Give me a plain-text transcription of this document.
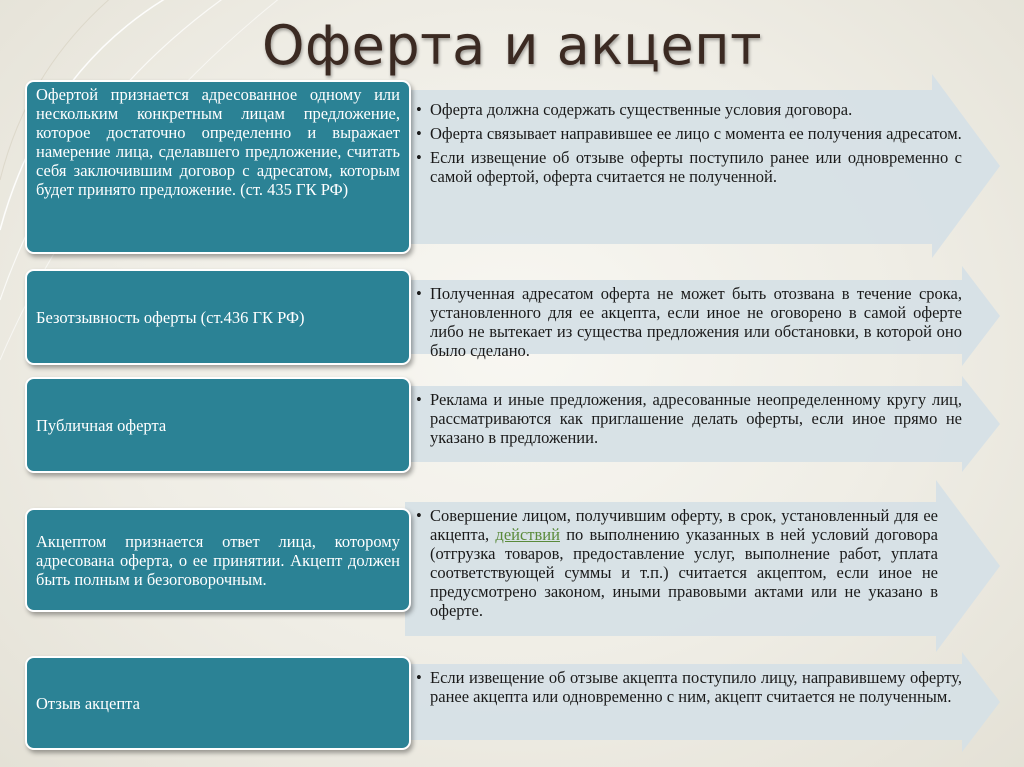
Оферта и акцепт
Офертой признается адресованное одному или нескольким конкретным лицам предложение, которое достаточно определенно и выражает намерение лица, сделавшего предложение, считать себя заключившим договор с адресатом, которым будет принято предложение. (ст. 435 ГК РФ)
• Оферта должна содержать существенные условия договора.
• Оферта связывает направившее ее лицо с момента ее получения адресатом.
• Если извещение об отзыве оферты поступило ранее или одновременно с самой офертой, оферта считается не полученной.
Безотзывность оферты (ст.436 ГК РФ)
• Полученная адресатом оферта не может быть отозвана в течение срока, установленного для ее акцепта, если иное не оговорено в самой оферте либо не вытекает из существа предложения или обстановки, в которой оно было сделано.
Публичная оферта
• Реклама и иные предложения, адресованные неопределенному кругу лиц, рассматриваются как приглашение делать оферты, если иное прямо не указано в предложении.
Акцептом признается ответ лица, которому адресована оферта, о ее принятии. Акцепт должен быть полным и безоговорочным.
• Совершение лицом, получившим оферту, в срок, установленный для ее акцепта, действий по выполнению указанных в ней условий договора (отгрузка товаров, предоставление услуг, выполнение работ, уплата соответствующей суммы и т.п.) считается акцептом, если иное не предусмотрено законом, иными правовыми актами или не указано в оферте.
Отзыв акцепта
• Если извещение об отзыве акцепта поступило лицу, направившему оферту, ранее акцепта или одновременно с ним, акцепт считается не полученным.
